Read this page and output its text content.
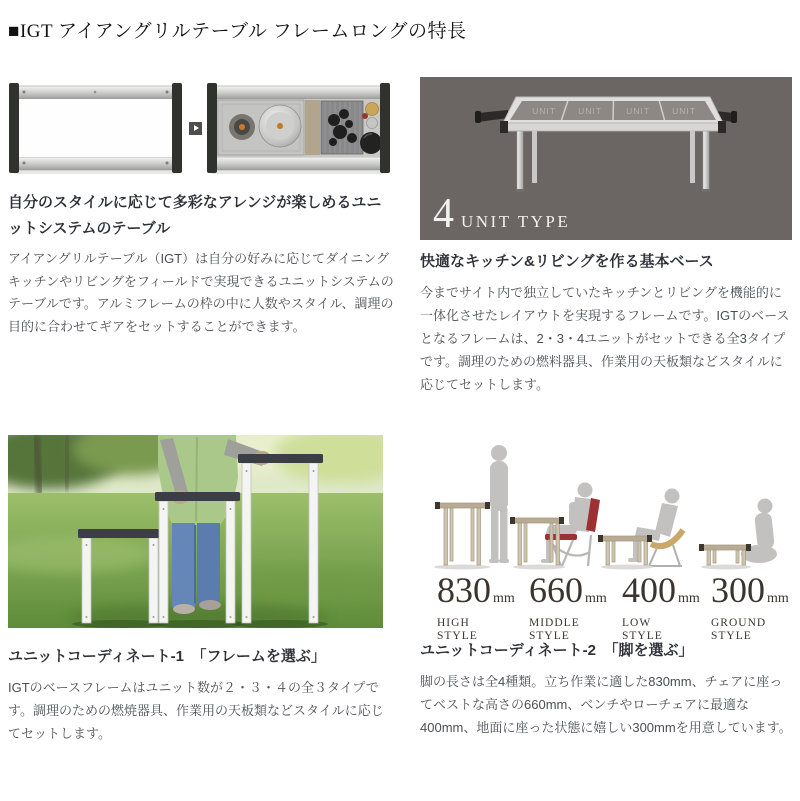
■IGT アイアングリルテーブル フレームロングの特長
自分のスタイルに応じて多彩なアレンジが楽しめるユニットシステムのテーブル
アイアングリルテーブル（IGT）は自分の好みに応じてダイニングキッチンやリビングをフィールドで実現できるユニットシステムのテーブルです。アルミフレームの枠の中に人数やスタイル、調理の目的に合わせてギアをセットすることができます。
UNIT	UNIT	UNIT	UNIT
4 UNIT TYPE
快適なキッチン&リビングを作る基本ベース
今までサイト内で独立していたキッチンとリビングを機能的に一体化させたレイアウトを実現するフレームです。IGTのベースとなるフレームは、2・3・4ユニットがセットできる全3タイプです。調理のための燃料器具、作業用の天板類などスタイルに応じてセットします。
ユニットコーディネート-1　「フレームを選ぶ」
IGTのベースフレームはユニット数が２・３・４の全３タイプです。調理のための燃焼器具、作業用の天板類などスタイルに応じてセットします。
830 mm
HIGH
STYLE
660 mm
MIDDLE
STYLE
400 mm
LOW
STYLE
300 mm
GROUND
STYLE
ユニットコーディネート-2　「脚を選ぶ」
脚の長さは全4種類。立ち作業に適した830mm、チェアに座ってベストな高さの660mm、ベンチやローチェアに最適な400mm、地面に座った状態に嬉しい300mmを用意しています。
